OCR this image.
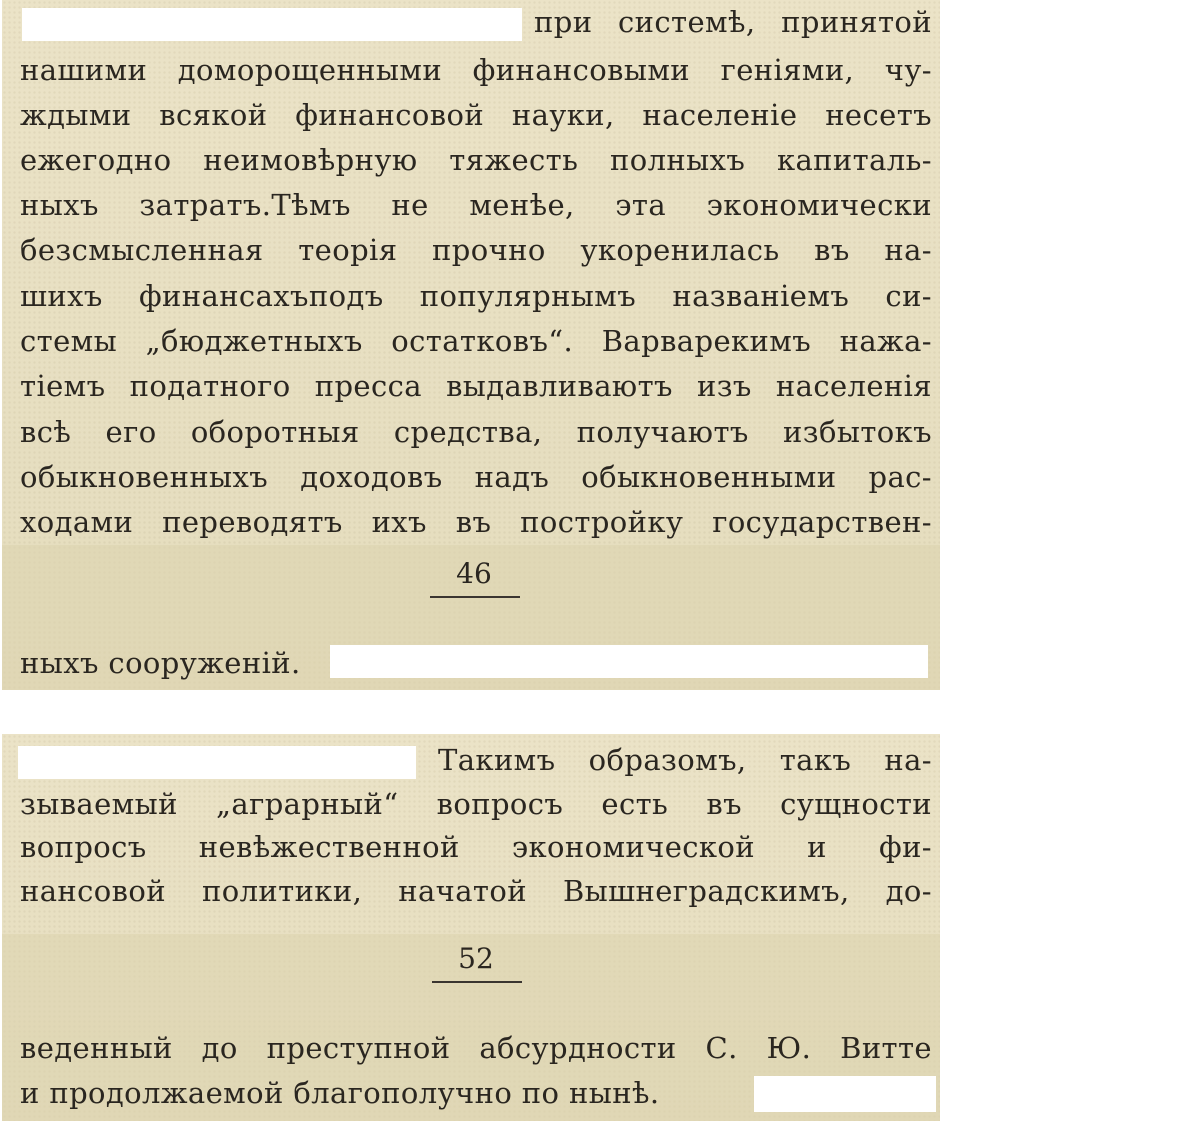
при системѣ, принятой
нашими доморощенными финансовыми геніями, чу-
ждыми всякой финансовой науки, населеніе несетъ
ежегодно неимовѣрную тяжесть полныхъ капиталь-
ныхъ затратъ.Тѣмъ не менѣе, эта экономически
безсмысленная теорія прочно укоренилась въ на-
шихъ финансахъподъ популярнымъ названіемъ си-
стемы „бюджетныхъ остатковъ“. Варварекимъ нажа-
тіемъ податного пресса выдавливаютъ изъ населенія
всѣ его оборотныя средства, получаютъ избытокъ
обыкновенныхъ доходовъ надъ обыкновенными рас-
ходами переводятъ ихъ въ постройку государствен-
46
ныхъ сооруженій.
Такимъ образомъ, такъ на-
зываемый „аграрный“ вопросъ есть въ сущности
вопросъ невѣжественной экономической и фи-
нансовой политики, начатой Вышнеградскимъ, до-
52
веденный до преступной абсурдности С. Ю. Витте
и продолжаемой благополучно по нынѣ.
